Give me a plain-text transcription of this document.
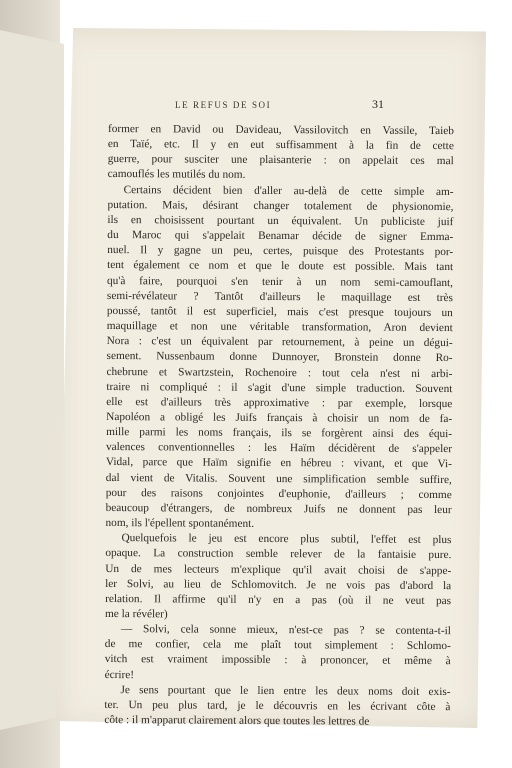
LE REFUS DE SOI	31
former en David ou Davideau, Vassilovitch en Vassile, Taieb
en Taïé, etc. Il y en eut suffisamment à la fin de cette
guerre, pour susciter une plaisanterie : on appelait ces mal
camouflés les mutilés du nom.
Certains décident bien d'aller au-delà de cette simple am-
putation. Mais, désirant changer totalement de physionomie,
ils en choisissent pourtant un équivalent. Un publiciste juif
du Maroc qui s'appelait Benamar décide de signer Emma-
nuel. Il y gagne un peu, certes, puisque des Protestants por-
tent également ce nom et que le doute est possible. Mais tant
qu'à faire, pourquoi s'en tenir à un nom semi-camouflant,
semi-révélateur ? Tantôt d'ailleurs le maquillage est très
poussé, tantôt il est superficiel, mais c'est presque toujours un
maquillage et non une véritable transformation, Aron devient
Nora : c'est un équivalent par retournement, à peine un dégui-
sement. Nussenbaum donne Dunnoyer, Bronstein donne Ro-
chebrune et Swartzstein, Rochenoire : tout cela n'est ni arbi-
traire ni compliqué : il s'agit d'une simple traduction. Souvent
elle est d'ailleurs très approximative : par exemple, lorsque
Napoléon a obligé les Juifs français à choisir un nom de fa-
mille parmi les noms français, ils se forgèrent ainsi des équi-
valences conventionnelles : les Haïm décidèrent de s'appeler
Vidal, parce que Haïm signifie en hébreu : vivant, et que Vi-
dal vient de Vitalis. Souvent une simplification semble suffire,
pour des raisons conjointes d'euphonie, d'ailleurs ; comme
beaucoup d'étrangers, de nombreux Juifs ne donnent pas leur
nom, ils l'épellent spontanément.
Quelquefois le jeu est encore plus subtil, l'effet est plus
opaque. La construction semble relever de la fantaisie pure.
Un de mes lecteurs m'explique qu'il avait choisi de s'appe-
ler Solvi, au lieu de Schlomovitch. Je ne vois pas d'abord la
relation. Il affirme qu'il n'y en a pas (où il ne veut pas
me la révéler)
— Solvi, cela sonne mieux, n'est-ce pas ? se contenta-t-il
de me confier, cela me plaît tout simplement : Schlomo-
vitch est vraiment impossible : à prononcer, et même à
écrire!
Je sens pourtant que le lien entre les deux noms doit exis-
ter. Un peu plus tard, je le découvris en les écrivant côte à
côte : il m'apparut clairement alors que toutes les lettres de
